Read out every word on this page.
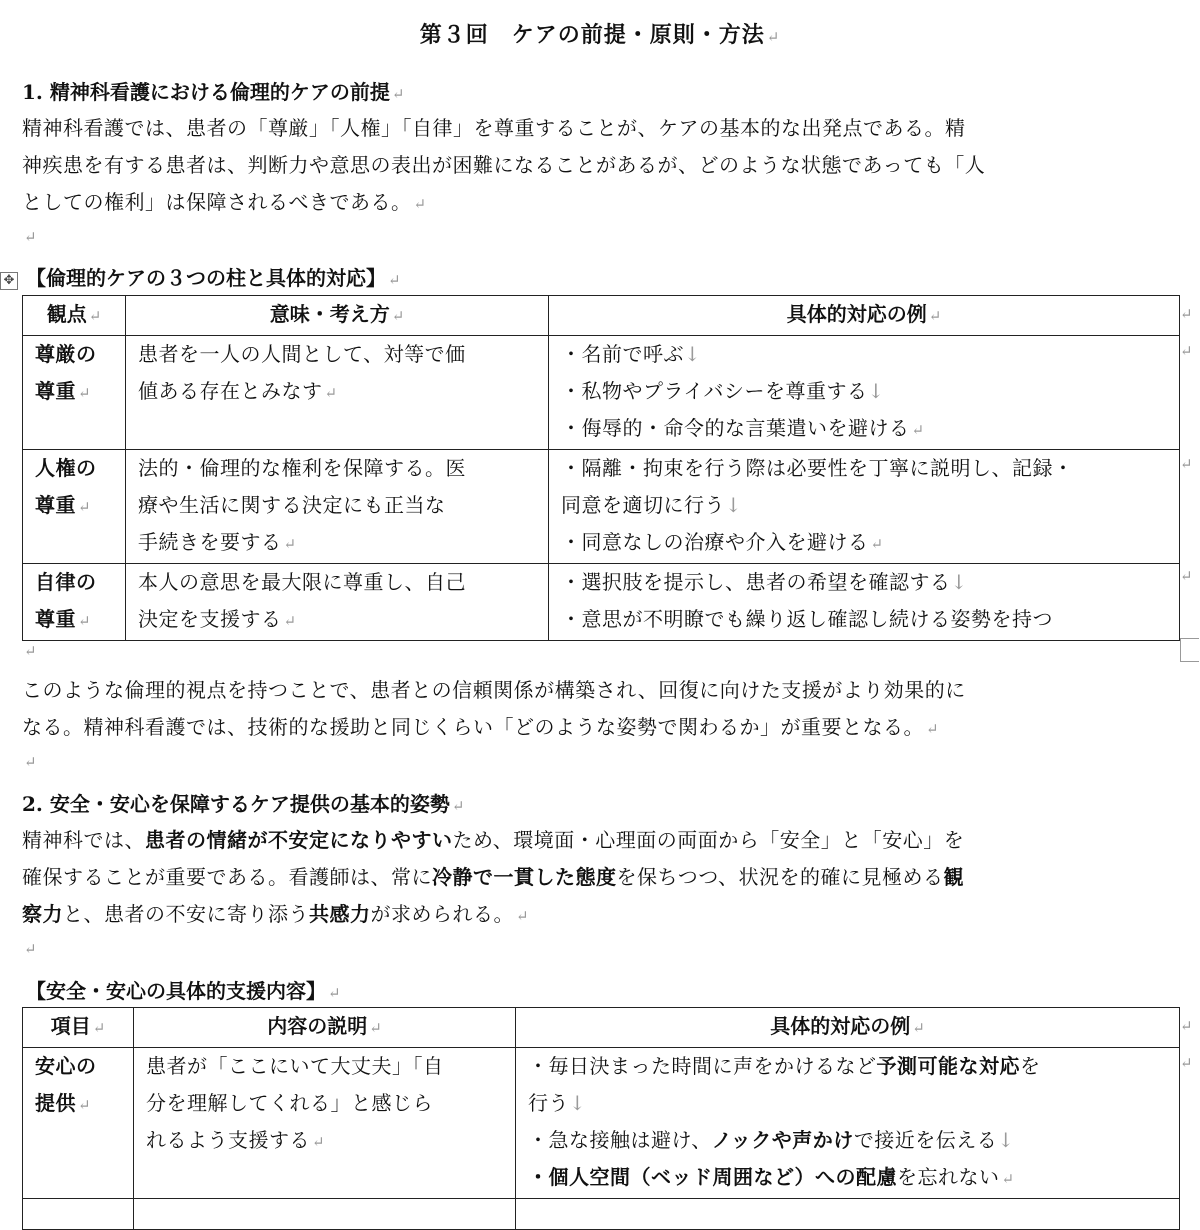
第３回　ケアの前提・原則・方法 ↵
1. 精神科看護における倫理的ケアの前提 ↵
精神科看護では、患者の「尊厳」「人権」「自律」を尊重することが、ケアの基本的な出発点である。精
神疾患を有する患者は、判断力や意思の表出が困難になることがあるが、どのような状態であっても「人
としての権利」は保障されるべきである。 ↵
↵
✥ 【倫理的ケアの３つの柱と具体的対応】 ↵
観点 ↵	意味・考え方 ↵	具体的対応の例 ↵

尊厳の
尊重 ↵	患者を一人の人間として、対等で価
値ある存在とみなす ↵	・名前で呼ぶ↓
・私物やプライバシーを尊重する↓
・侮辱的・命令的な言葉遣いを避ける ↵

人権の
尊重 ↵	法的・倫理的な権利を保障する。医
療や生活に関する決定にも正当な
手続きを要する ↵	・隔離・拘束を行う際は必要性を丁寧に説明し、記録・
同意を適切に行う↓
・同意なしの治療や介入を避ける ↵

自律の
尊重 ↵	本人の意思を最大限に尊重し、自己
決定を支援する ↵	・選択肢を提示し、患者の希望を確認する↓
・意思が不明瞭でも繰り返し確認し続ける姿勢を持つ
↵
↵
↵
↵
↵
このような倫理的視点を持つことで、患者との信頼関係が構築され、回復に向けた支援がより効果的に
なる。精神科看護では、技術的な援助と同じくらい「どのような姿勢で関わるか」が重要となる。 ↵
↵
2. 安全・安心を保障するケア提供の基本的姿勢 ↵
精神科では、患者の情緒が不安定になりやすいため、環境面・心理面の両面から「安全」と「安心」を
確保することが重要である。看護師は、常に冷静で一貫した態度を保ちつつ、状況を的確に見極める観
察力と、患者の不安に寄り添う共感力が求められる。 ↵
↵
【安全・安心の具体的支援内容】 ↵
項目 ↵	内容の説明 ↵	具体的対応の例 ↵

安心の
提供 ↵	患者が「ここにいて大丈夫」「自
分を理解してくれる」と感じら
れるよう支援する ↵	・毎日決まった時間に声をかけるなど予測可能な対応を
行う↓
・急な接触は避け、ノックや声かけで接近を伝える↓
・個人空間（ベッド周囲など）への配慮を忘れない ↵

↵
↵
